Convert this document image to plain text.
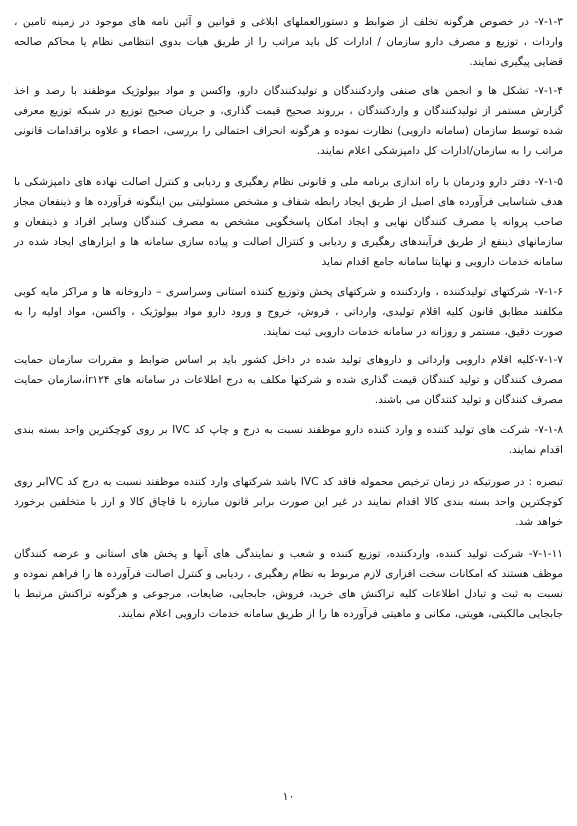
۷-۱-۳- در خصوص هرگونه تخلف از ضوابط و دستورالعملهای ابلاغی و قوانین و آئین نامه های موجود در زمینه تامین ، واردات ، توزیع و مصرف دارو سازمان / ادارات کل باید مراتب را از طریق هیات بدوی انتظامی نظام یا محاکم صالحه قضایی پیگیری نمایند.

۷-۱-۴- تشکل ها و انجمن های صنفی واردکنندگان و تولیدکنندگان دارو، واکسن و مواد بیولوژیک موظفند با رصد و اخذ گزارش مستمر از تولیدکنندگان و واردکنندگان ، برروند صحیح قیمت گذاری، و جریان صحیح توزیع در شبکه توزیع معرفی شده توسط سازمان (سامانه دارویی) نظارت نموده و هرگونه انحراف احتمالی را بررسی، احصاء و علاوه براقدامات قانونی مراتب را به سازمان/ادارات کل دامپزشکی اعلام نمایند.

۷-۱-۵- دفتر دارو ودرمان با راه اندازی برنامه ملی و قانونی نظام رهگیری و ردیابی و کنترل اصالت نهاده های دامپزشکی با هدف شناسایی فرآورده های اصیل از طریق ایجاد رابطه شفاف و مشخص مسئولیتی بین اینگونه فرآورده ها و ذینفعان مجاز صاحب پروانه یا مصرف کنندگان نهایی و ایجاد امکان پاسخگویی مشخص به مصرف کنندگان وسایر افراد و ذینفعان و سازمانهای ذینفع از طریق فرآیندهای رهگیری و ردیابی و کنترال اصالت و پیاده سازی سامانه ها و ابزارهای ایجاد شده در سامانه خدمات دارویی و نهایتا سامانه جامع اقدام نماید

۷-۱-۶- شرکتهای تولیدکننده ، واردکننده و شرکتهای پخش وتوزیع کننده استانی وسراسری – داروخانه ها و مراکز مایه کوبی مکلفند مطابق قانون کلیه اقلام تولیدی، وارداتی ، فروش، خروج و ورود دارو مواد بیولوژیک ، واکسن، مواد اولیه را به صورت دقیق، مستمر و روزانه در سامانه خدمات دارویی ثبت نمایند.

۷-۱-۷-کلیه اقلام دارویی وارداتی و داروهای تولید شده در داخل کشور باید بر اساس ضوابط و مقررات سازمان حمایت مصرف کنندگان و تولید کنندگان قیمت گذاری شده و شرکتها مکلف به درج اطلاعات در سامانه های ir۱۲۴،سازمان حمایت مصرف کنندگان و تولید کنندگان می باشند.

۷-۱-۸- شرکت های تولید کننده و وارد کننده دارو موظفند نسبت به درج و چاپ کد IVC بر روی کوچکترین واحد بسته بندی اقدام نمایند.

تبصره : در صورتیکه در زمان ترخیص محموله فاقد کد IVC باشد شرکتهای وارد کننده موظفند نسبت به درج کد IVCبر روی کوچکترین واحد بسته بندی کالا اقدام نمایند در غیر این صورت برابر قانون مبارزه با قاچاق کالا و ارز با متخلفین برخورد خواهد شد.

۷-۱-۱۱- شرکت تولید کننده، واردکننده، توزیع کننده و شعب و نمایندگی های آنها و پخش های استانی و عرضه کنندگان موظف هستند که امکانات سخت افزاری لازم مربوط به نظام رهگیری ، ردیابی و کنترل اصالت فرآورده ها را فراهم نموده و نسبت به ثبت و تبادل اطلاعات کلیه تراکنش های خرید، فروش، جابجایی، ضایعات، مرجوعی و هرگونه تراکنش مرتبط با جابجایی مالکیتی، هویتی، مکانی و ماهیتی فرآورده ها را از طریق سامانه خدمات دارویی اعلام نمایند.

۱۰
